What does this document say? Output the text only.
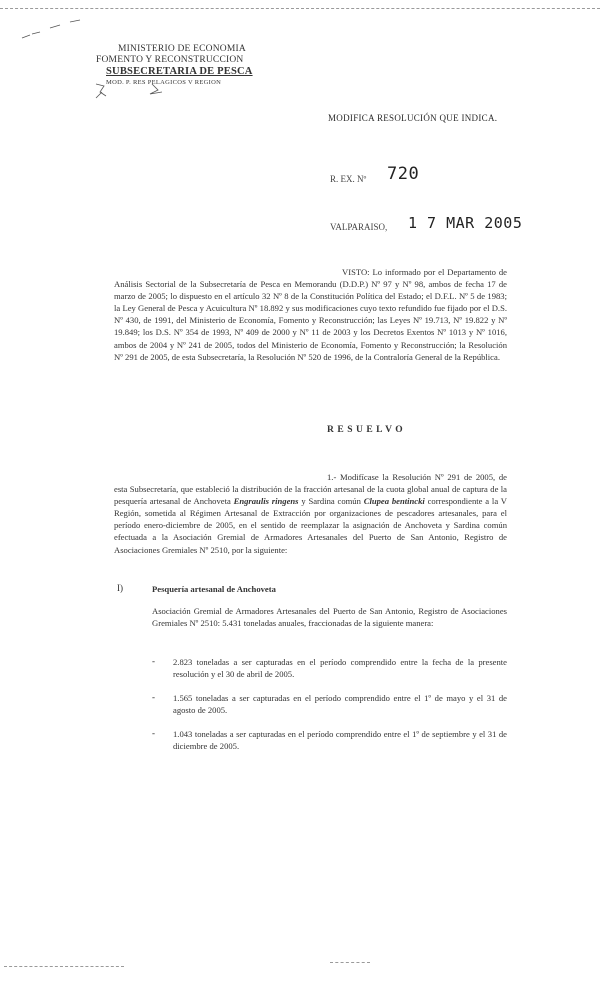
MINISTERIO DE ECONOMIA
FOMENTO Y RECONSTRUCCION
SUBSECRETARIA DE PESCA
MOD. P. RES PELAGICOS V REGION
MODIFICA RESOLUCIÓN QUE INDICA.
R. EX. Nº 720
VALPARAISO, 1 7 MAR 2005
VISTO: Lo informado por el Departamento de Análisis Sectorial de la Subsecretaría de Pesca en Memorandu (D.D.P.) Nº 97 y Nº 98, ambos de fecha 17 de marzo de 2005; lo dispuesto en el artículo 32 Nº 8 de la Constitución Política del Estado; el D.F.L. Nº 5 de 1983; la Ley General de Pesca y Acuicultura Nº 18.892 y sus modificaciones cuyo texto refundido fue fijado por el D.S. Nº 430, de 1991, del Ministerio de Economía, Fomento y Reconstrucción; las Leyes Nº 19.713, Nº 19.822 y Nº 19.849; los D.S. Nº 354 de 1993, Nº 409 de 2000 y Nº 11 de 2003 y los Decretos Exentos Nº 1013 y Nº 1016, ambos de 2004 y Nº 241 de 2005, todos del Ministerio de Economía, Fomento y Reconstrucción; la Resolución Nº 291 de 2005, de esta Subsecretaría, la Resolución Nº 520 de 1996, de la Contraloría General de la República.
RESUELVO
1.- Modifícase la Resolución Nº 291 de 2005, de esta Subsecretaría, que estableció la distribución de la fracción artesanal de la cuota global anual de captura de la pesquería artesanal de Anchoveta Engraulis ringens y Sardina común Clupea bentincki correspondiente a la V Región, sometida al Régimen Artesanal de Extracción por organizaciones de pescadores artesanales, para el período enero-diciembre de 2005, en el sentido de reemplazar la asignación de Anchoveta y Sardina común efectuada a la Asociación Gremial de Armadores Artesanales del Puerto de San Antonio, Registro de Asociaciones Gremiales Nº 2510, por la siguiente:
I)	Pesquería artesanal de Anchoveta
Asociación Gremial de Armadores Artesanales del Puerto de San Antonio, Registro de Asociaciones Gremiales Nº 2510: 5.431 toneladas anuales, fraccionadas de la siguiente manera:
- 2.823 toneladas a ser capturadas en el período comprendido entre la fecha de la presente resolución y el 30 de abril de 2005.
- 1.565 toneladas a ser capturadas en el período comprendido entre el 1º de mayo y el 31 de agosto de 2005.
- 1.043 toneladas a ser capturadas en el período comprendido entre el 1º de septiembre y el 31 de diciembre de 2005.
